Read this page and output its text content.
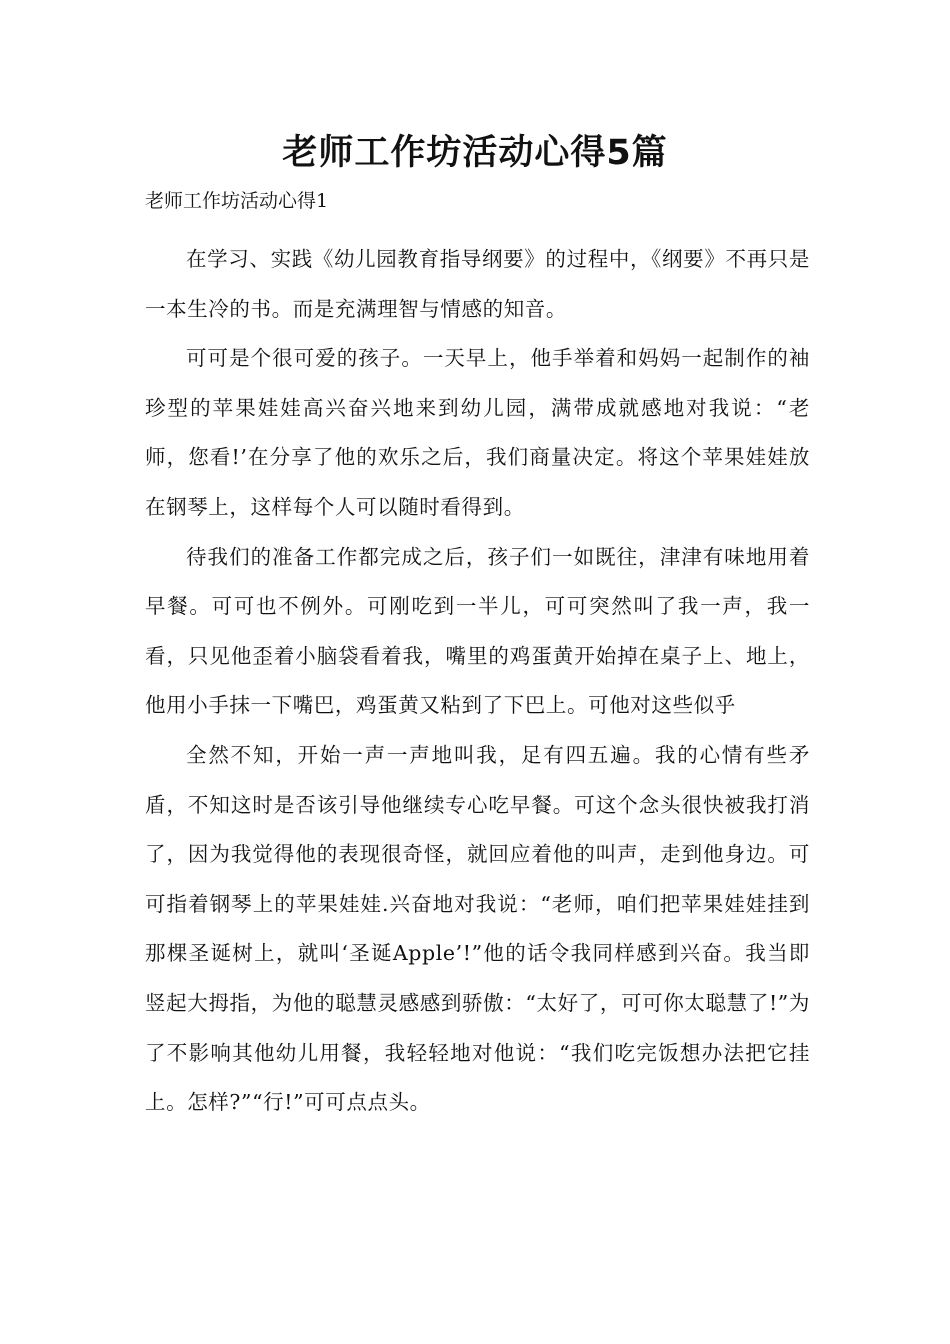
老师工作坊活动心得5篇

老师工作坊活动心得1

在学习、实践《幼儿园教育指导纲要》的过程中，《纲要》不再只是一本生冷的书。而是充满理智与情感的知音。

可可是个很可爱的孩子。一天早上，他手举着和妈妈一起制作的袖珍型的苹果娃娃高兴奋兴地来到幼儿园，满带成就感地对我说：“老师，您看!’在分享了他的欢乐之后，我们商量决定。将这个苹果娃娃放在钢琴上，这样每个人可以随时看得到。

待我们的准备工作都完成之后，孩子们一如既往，津津有味地用着早餐。可可也不例外。可刚吃到一半儿，可可突然叫了我一声，我一看，只见他歪着小脑袋看着我，嘴里的鸡蛋黄开始掉在桌子上、地上，他用小手抹一下嘴巴，鸡蛋黄又粘到了下巴上。可他对这些似乎

全然不知，开始一声一声地叫我，足有四五遍。我的心情有些矛盾，不知这时是否该引导他继续专心吃早餐。可这个念头很快被我打消了，因为我觉得他的表现很奇怪，就回应着他的叫声，走到他身边。可可指着钢琴上的苹果娃娃.兴奋地对我说：“老师，咱们把苹果娃娃挂到那棵圣诞树上，就叫‘圣诞Apple’!”他的话令我同样感到兴奋。我当即竖起大拇指，为他的聪慧灵感感到骄傲：“太好了，可可你太聪慧了!”为了不影响其他幼儿用餐，我轻轻地对他说：“我们吃完饭想办法把它挂上。怎样?”“行!”可可点点头。
